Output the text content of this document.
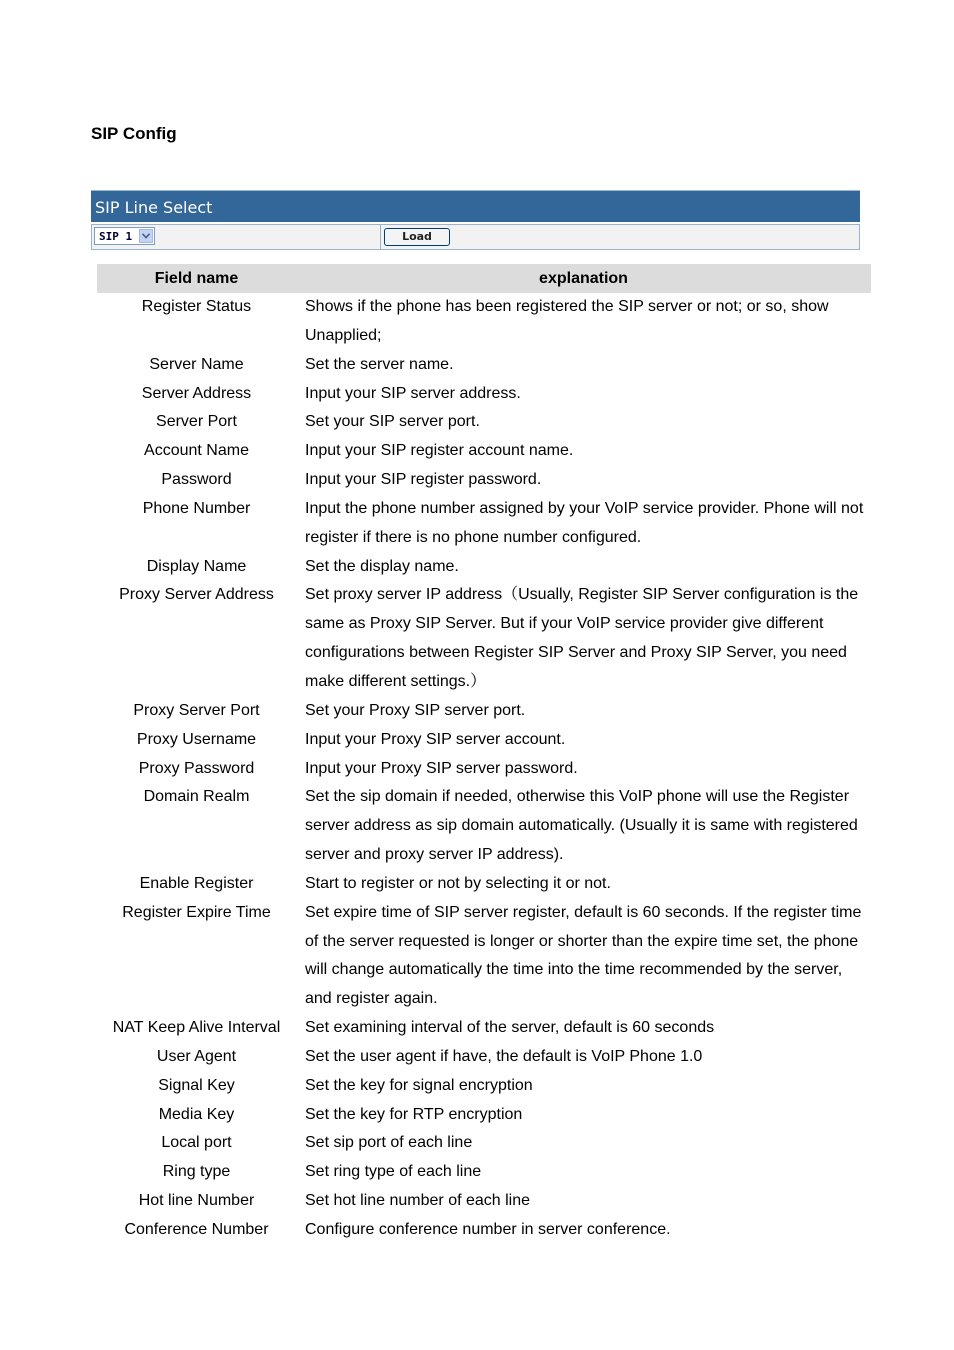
SIP Config
SIP Line Select
SIP 1	Load
Field name	explanation
Register Status	Shows if the phone has been registered the SIP server or not; or so, show Unapplied;
Server Name	Set the server name.
Server Address	Input your SIP server address.
Server Port	Set your SIP server port.
Account Name	Input your SIP register account name.
Password	Input your SIP register password.
Phone Number	Input the phone number assigned by your VoIP service provider. Phone will not register if there is no phone number configured.
Display Name	Set the display name.
Proxy Server Address	Set proxy server IP address（Usually, Register SIP Server configuration is the same as Proxy SIP Server. But if your VoIP service provider give different configurations between Register SIP Server and Proxy SIP Server, you need make different settings.）
Proxy Server Port	Set your Proxy SIP server port.
Proxy Username	Input your Proxy SIP server account.
Proxy Password	Input your Proxy SIP server password.
Domain Realm	Set the sip domain if needed, otherwise this VoIP phone will use the Register server address as sip domain automatically. (Usually it is same with registered server and proxy server IP address).
Enable Register	Start to register or not by selecting it or not.
Register Expire Time	Set expire time of SIP server register, default is 60 seconds. If the register time of the server requested is longer or shorter than the expire time set, the phone will change automatically the time into the time recommended by the server, and register again.
NAT Keep Alive Interval	Set examining interval of the server, default is 60 seconds
User Agent	Set the user agent if have, the default is VoIP Phone 1.0
Signal Key	Set the key for signal encryption
Media Key	Set the key for RTP encryption
Local port	Set sip port of each line
Ring type	Set ring type of each line
Hot line Number	Set hot line number of each line
Conference Number	Configure conference number in server conference.
